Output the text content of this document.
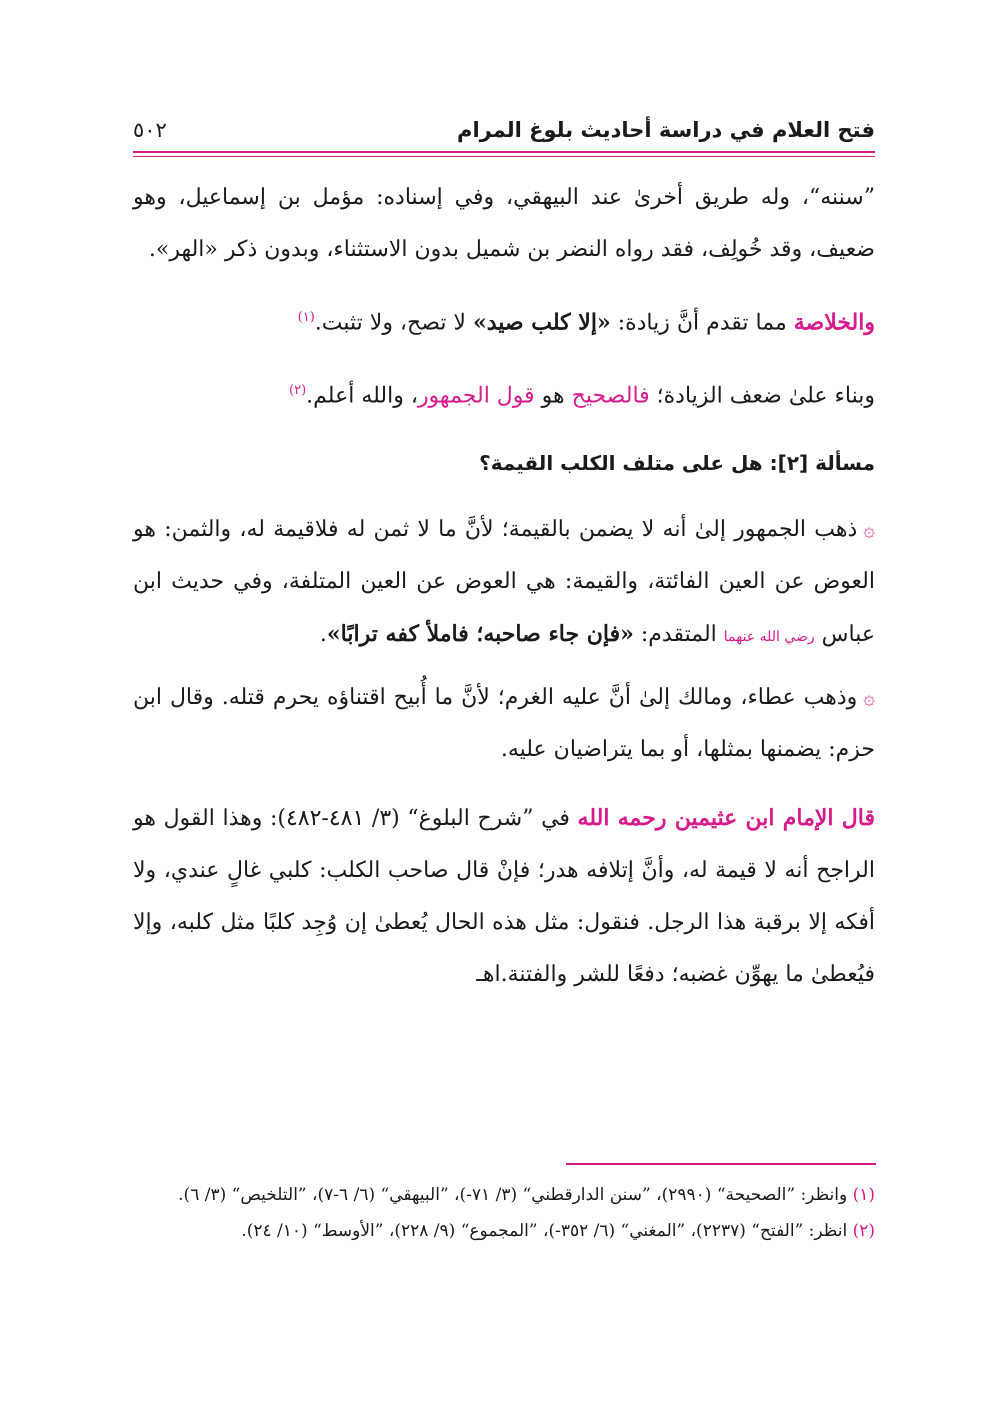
فتح العلام في دراسة أحاديث بلوغ المرام
٥٠٢

”سننه“، وله طريق أخرىٰ عند البيهقي، وفي إسناده: مؤمل بن إسماعيل، وهو ضعيف، وقد خُولِف، فقد رواه النضر بن شميل بدون الاستثناء، وبدون ذكر «الهر».

والخلاصة مما تقدم أنَّ زيادة: «إلا كلب صيد» لا تصح، ولا تثبت.$^{(١)}$

وبناء علىٰ ضعف الزيادة؛ فالصحيح هو قول الجمهور، والله أعلم.$^{(٢)}$

مسألة [٢]: هل على متلف الكلب القيمة؟

۞ذهب الجمهور إلىٰ أنه لا يضمن بالقيمة؛ لأنَّ ما لا ثمن له فلاقيمة له، والثمن: هو العوض عن العين الفائتة، والقيمة: هي العوض عن العين المتلفة، وفي حديث ابن عباس رضي الله عنهما المتقدم: «فإن جاء صاحبه؛ فاملأ كفه ترابًا».

۞وذهب عطاء، ومالك إلىٰ أنَّ عليه الغرم؛ لأنَّ ما أُبيح اقتناؤه يحرم قتله. وقال ابن حزم: يضمنها بمثلها، أو بما يتراضيان عليه.

قال الإمام ابن عثيمين رحمه الله في ”شرح البلوغ“ (٣/ ٤٨١-٤٨٢): وهذا القول هو الراجح أنه لا قيمة له، وأنَّ إتلافه هدر؛ فإنْ قال صاحب الكلب: كلبي غالٍ عندي، ولا أفكه إلا برقبة هذا الرجل. فنقول: مثل هذه الحال يُعطىٰ إن وُجِد كلبًا مثل كلبه، وإلا فيُعطىٰ ما يهوِّن غضبه؛ دفعًا للشر والفتنة.اهـ

(١) وانظر: ”الصحيحة“ (٢٩٩٠)، ”سنن الدارقطني“ (٣/ ٧١-)، ”البيهقي“ (٦/ ٦-٧)، ”التلخيص“ (٣/ ٦).

(٢) انظر: ”الفتح“ (٢٢٣٧)، ”المغني“ (٦/ ٣٥٢-)، ”المجموع“ (٩/ ٢٢٨)، ”الأوسط“ (١٠/ ٢٤).
